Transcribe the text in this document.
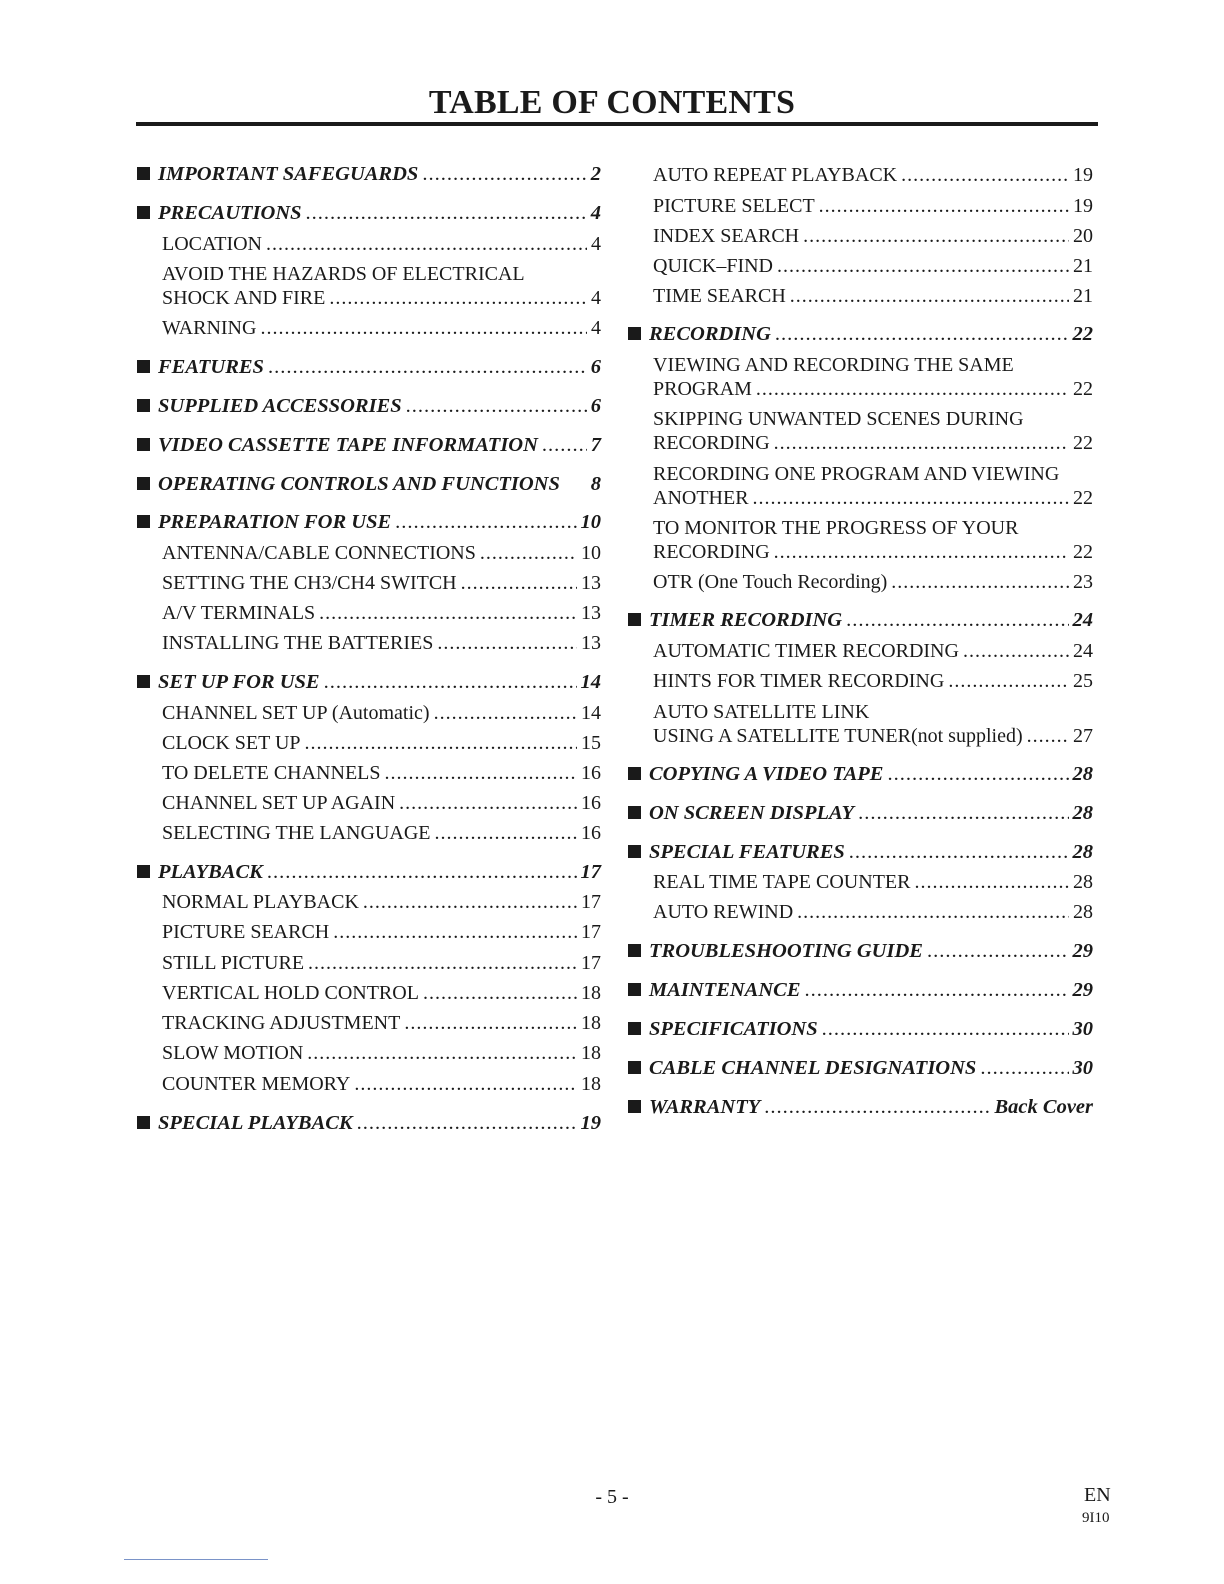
TABLE OF CONTENTS
IMPORTANT SAFEGUARDS .....	2
PRECAUTIONS .....	4
LOCATION .....	4
AVOID THE HAZARDS OF ELECTRICAL
SHOCK AND FIRE .....	4
WARNING .....	4
FEATURES .....	6
SUPPLIED ACCESSORIES .....	6
VIDEO CASSETTE TAPE INFORMATION .....	7
OPERATING CONTROLS AND FUNCTIONS 8
PREPARATION FOR USE .....	10
ANTENNA/CABLE CONNECTIONS .....	10
SETTING THE CH3/CH4 SWITCH .....	13
A/V TERMINALS .....	13
INSTALLING THE BATTERIES .....	13
SET UP FOR USE .....	14
CHANNEL SET UP (Automatic) .....	14
CLOCK SET UP .....	15
TO DELETE CHANNELS .....	16
CHANNEL SET UP AGAIN .....	16
SELECTING THE LANGUAGE .....	16
PLAYBACK .....	17
NORMAL PLAYBACK .....	17
PICTURE SEARCH .....	17
STILL PICTURE .....	17
VERTICAL HOLD CONTROL .....	18
TRACKING ADJUSTMENT .....	18
SLOW MOTION .....	18
COUNTER MEMORY .....	18
SPECIAL PLAYBACK .....	19
AUTO REPEAT PLAYBACK .....	19
PICTURE SELECT .....	19
INDEX SEARCH .....	20
QUICK–FIND .....	21
TIME SEARCH .....	21
RECORDING .....	22
VIEWING AND RECORDING THE SAME
PROGRAM .....	22
SKIPPING UNWANTED SCENES DURING
RECORDING .....	22
RECORDING ONE PROGRAM AND VIEWING
ANOTHER .....	22
TO MONITOR THE PROGRESS OF YOUR
RECORDING .....	22
OTR (One Touch Recording) .....	23
TIMER RECORDING .....	24
AUTOMATIC TIMER RECORDING .....	24
HINTS FOR TIMER RECORDING .....	25
AUTO SATELLITE LINK
USING A SATELLITE TUNER(not supplied) .....	27
COPYING A VIDEO TAPE .....	28
ON SCREEN DISPLAY .....	28
SPECIAL FEATURES .....	28
REAL TIME TAPE COUNTER .....	28
AUTO REWIND .....	28
TROUBLESHOOTING GUIDE .....	29
MAINTENANCE .....	29
SPECIFICATIONS .....	30
CABLE CHANNEL DESIGNATIONS .....	30
WARRANTY .....	Back Cover
- 5 -	EN
9I10
